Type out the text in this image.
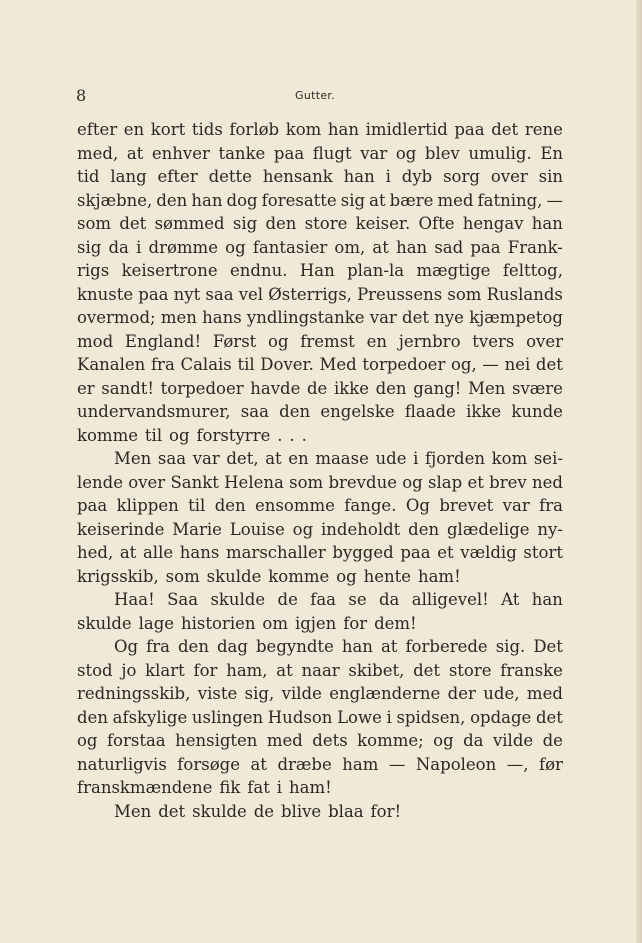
8	Gutter.
efter en kort tids forløb kom han imidlertid paa det rene
med, at enhver tanke paa flugt var og blev umulig. En
tid lang efter dette hensank han i dyb sorg over sin
skjæbne, den han dog foresatte sig at bære med fatning, —
som det sømmed sig den store keiser. Ofte hengav han
sig da i drømme og fantasier om, at han sad paa Frank-
rigs keisertrone endnu. Han plan-la mægtige felttog,
knuste paa nyt saa vel Østerrigs, Preussens som Ruslands
overmod; men hans yndlingstanke var det nye kjæmpetog
mod England! Først og fremst en jernbro tvers over
Kanalen fra Calais til Dover. Med torpedoer og, — nei det
er sandt! torpedoer havde de ikke den gang! Men svære
undervandsmurer, saa den engelske flaade ikke kunde
komme til og forstyrre . . .
Men saa var det, at en maase ude i fjorden kom sei-
lende over Sankt Helena som brevdue og slap et brev ned
paa klippen til den ensomme fange. Og brevet var fra
keiserinde Marie Louise og indeholdt den glædelige ny-
hed, at alle hans marschaller bygged paa et vældig stort
krigsskib, som skulde komme og hente ham!
Haa! Saa skulde de faa se da alligevel! At han
skulde lage historien om igjen for dem!
Og fra den dag begyndte han at forberede sig. Det
stod jo klart for ham, at naar skibet, det store franske
redningsskib, viste sig, vilde englænderne der ude, med
den afskylige uslingen Hudson Lowe i spidsen, opdage det
og forstaa hensigten med dets komme; og da vilde de
naturligvis forsøge at dræbe ham — Napoleon —, før
franskmændene fik fat i ham!
Men det skulde de blive blaa for!
